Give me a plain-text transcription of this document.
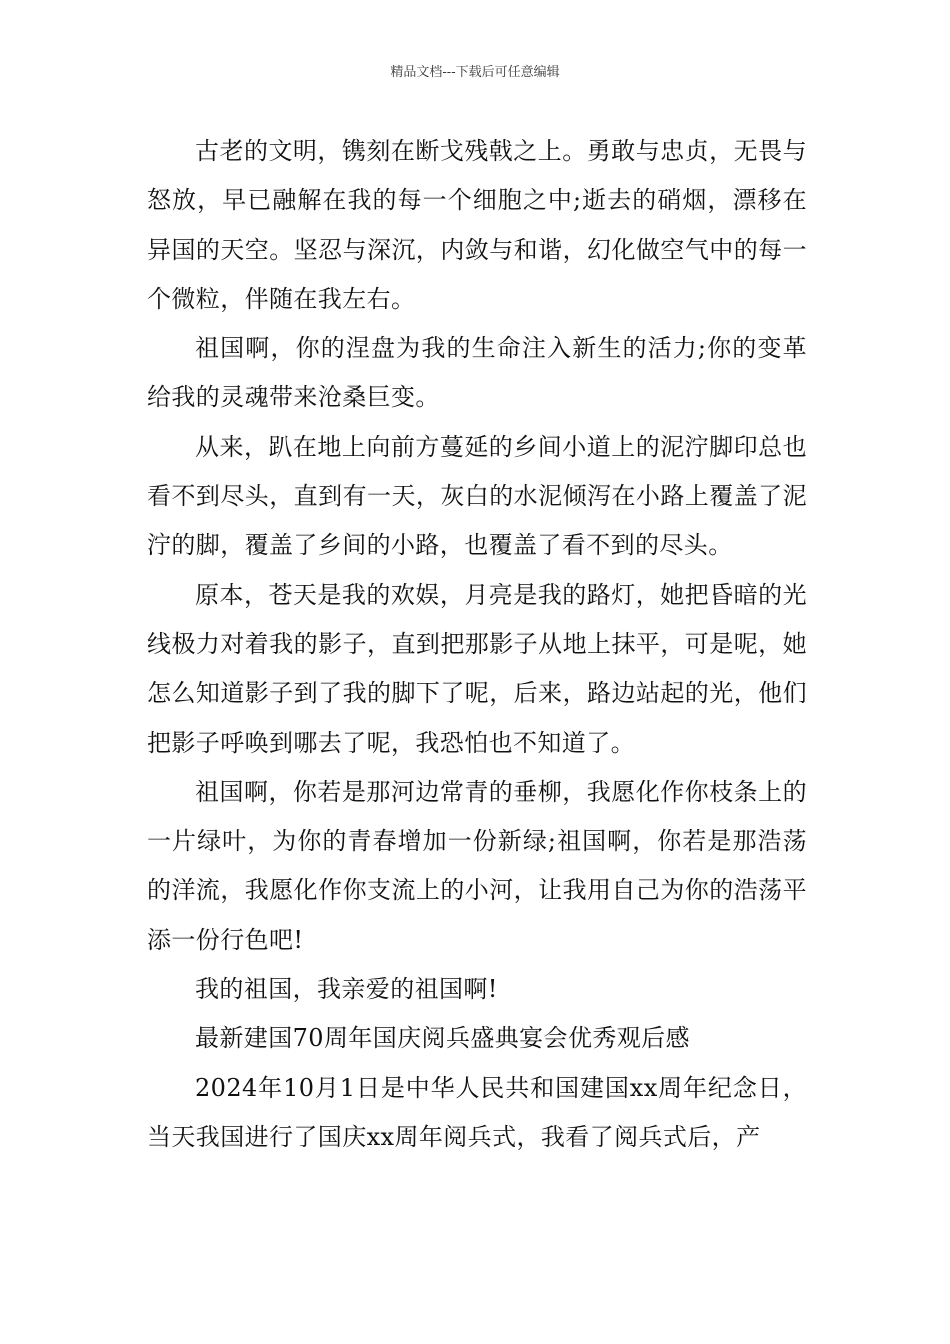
精品文档---下载后可任意编辑

古老的文明，镌刻在断戈残戟之上。勇敢与忠贞，无畏与怒放，早已融解在我的每一个细胞之中;逝去的硝烟，漂移在异国的天空。坚忍与深沉，内敛与和谐，幻化做空气中的每一个微粒，伴随在我左右。

祖国啊，你的涅盘为我的生命注入新生的活力;你的变革给我的灵魂带来沧桑巨变。

从来，趴在地上向前方蔓延的乡间小道上的泥泞脚印总也看不到尽头，直到有一天，灰白的水泥倾泻在小路上覆盖了泥泞的脚，覆盖了乡间的小路，也覆盖了看不到的尽头。

原本，苍天是我的欢娱，月亮是我的路灯，她把昏暗的光线极力对着我的影子，直到把那影子从地上抹平，可是呢，她怎么知道影子到了我的脚下了呢，后来，路边站起的光，他们把影子呼唤到哪去了呢，我恐怕也不知道了。

祖国啊，你若是那河边常青的垂柳，我愿化作你枝条上的一片绿叶，为你的青春增加一份新绿;祖国啊，你若是那浩荡的洋流，我愿化作你支流上的小河，让我用自己为你的浩荡平添一份行色吧!

我的祖国，我亲爱的祖国啊!

最新建国70周年国庆阅兵盛典宴会优秀观后感

2024年10月1日是中华人民共和国建国xx周年纪念日，当天我国进行了国庆xx周年阅兵式，我看了阅兵式后，产
